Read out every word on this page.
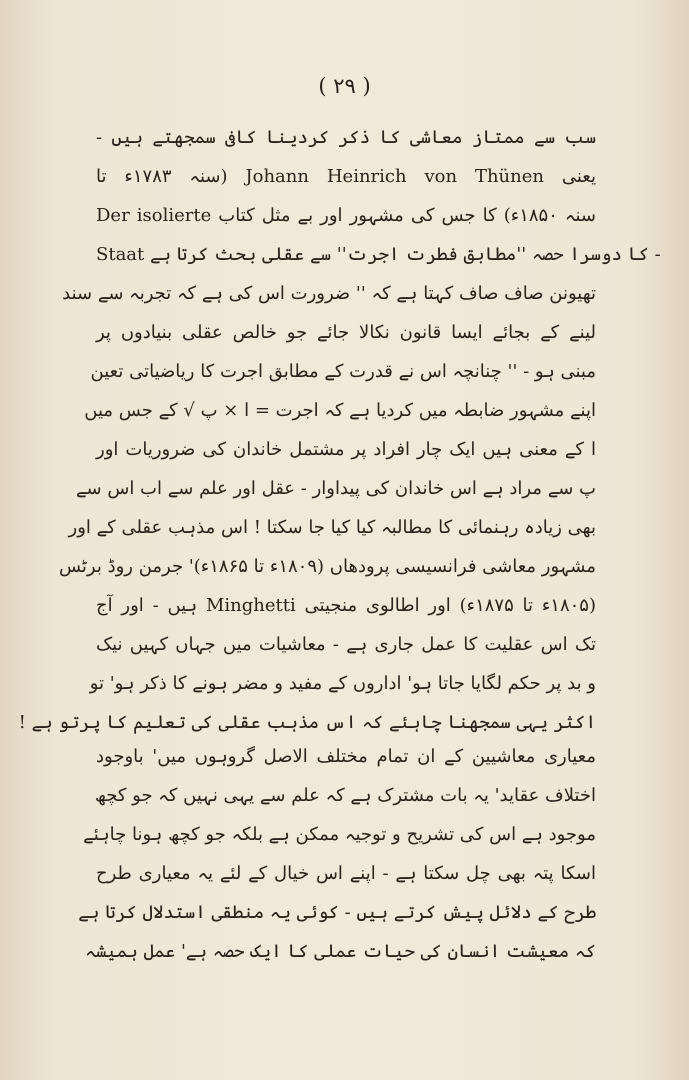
( ۲۹ )
سب سے ممتاز معاشی کا ذکر کردینا کافی سمجھتے ہیں -
یعنی Johann Heinrich von Thünen (سنہ ۱۷۸۳ء تا
سنہ ۱۸۵۰ء) کا جس کی مشہور اور بے مثل کتاب Der isolierte
Staat کا دوسرا حصہ ''مطابق فطرت اجرت'' سے عقلی بحث کرتا ہے -
تھیونن صاف صاف کہتا ہے کہ '' ضرورت اس کی ہے کہ تجربہ سے سند
لینے کے بجائے ایسا قانون نکالا جائے جو خالص عقلی بنیادوں پر
مبنی ہو - '' چنانچہ اس نے قدرت کے مطابق اجرت کا ریاضیاتی تعین
اپنے مشہور ضابطہ میں کردیا ہے کہ اجرت = ا × پ √ کے جس میں
ا کے معنی ہیں ایک چار افراد پر مشتمل خاندان کی ضروریات اور
پ سے مراد ہے اس خاندان کی پیداوار - عقل اور علم سے اب اس سے
بھی زیادہ رہنمائی کا مطالبہ کیا کیا جا سکتا ! اس مذہب عقلی کے اور
مشہور معاشی فرانسیسی پرودھاں (۱۸۰۹ء تا ۱۸۶۵ء)' جرمن روڈ برٹس
(۱۸۰۵ء تا ۱۸۷۵ء) اور اطالوی منجیتی Minghetti ہیں - اور آج
تک اس عقلیت کا عمل جاری ہے - معاشیات میں جہاں کہیں نیک
و بد پر حکم لگایا جاتا ہو' اداروں کے مفید و مضر ہونے کا ذکر ہو' تو
اکثر یہی سمجھنا چاہئے کہ اس مذہب عقلی کی تعلیم کا پرتو ہے !
معیاری معاشیین کے ان تمام مختلف الاصل گروہوں میں' باوجود
اختلاف عقاید' یہ بات مشترک ہے کہ علم سے یہی نہیں کہ جو کچھ
موجود ہے اس کی تشریح و توجیہ ممکن ہے بلکہ جو کچھ ہونا چاہئے
اسکا پتہ بھی چل سکتا ہے - اپنے اس خیال کے لئے یہ معیاری طرح
طرح کے دلائل پیش کرتے ہیں - کوئی یہ منطقی استدلال کرتا ہے
کہ معیشت انسان کی حیات عملی کا ایک حصہ ہے' عمل ہمیشہ
